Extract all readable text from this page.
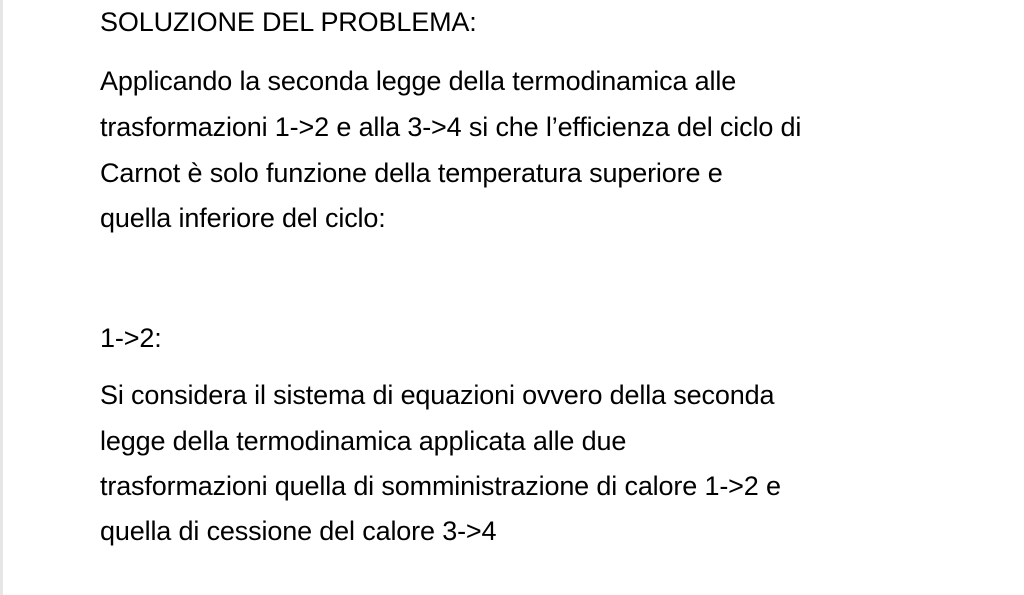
SOLUZIONE DEL PROBLEMA:
Applicando la seconda legge della termodinamica alle
trasformazioni 1->2 e alla 3->4 si che l’efficienza del ciclo di
Carnot è solo funzione della temperatura superiore e
quella inferiore del ciclo:
1->2:
Si considera il sistema di equazioni ovvero della seconda
legge della termodinamica applicata alle due
trasformazioni quella di somministrazione di calore 1->2 e
quella di cessione del calore 3->4
